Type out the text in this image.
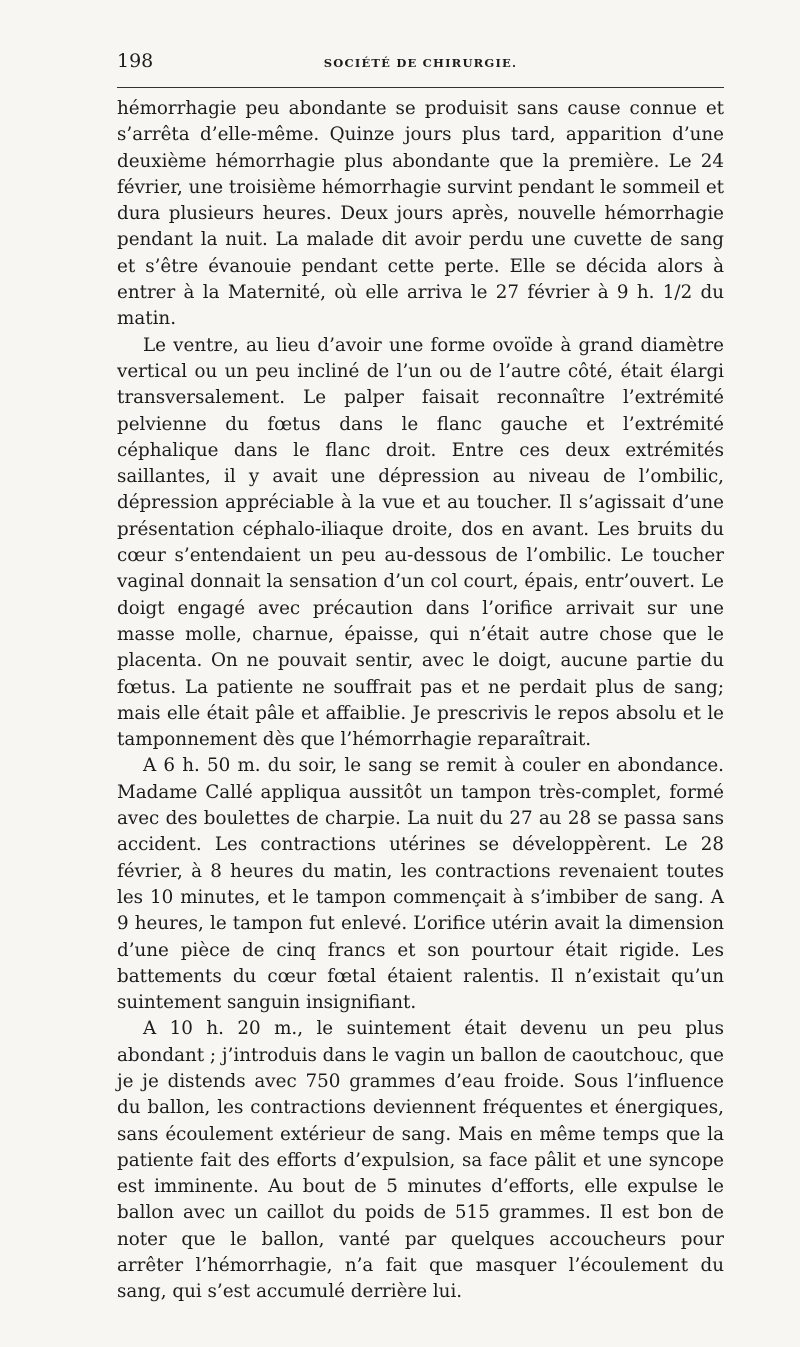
198	SOCIÉTÉ DE CHIRURGIE.

hémorrhagie peu abondante se produisit sans cause connue et s’arrêta d’elle-même. Quinze jours plus tard, apparition d’une deuxième hémorrhagie plus abondante que la première. Le 24 février, une troisième hémorrhagie survint pendant le sommeil et dura plusieurs heures. Deux jours après, nouvelle hémorrhagie pendant la nuit. La malade dit avoir perdu une cuvette de sang et s’être évanouie pendant cette perte. Elle se décida alors à entrer à la Maternité, où elle arriva le 27 février à 9 h. 1/2 du matin.

Le ventre, au lieu d’avoir une forme ovoïde à grand diamètre vertical ou un peu incliné de l’un ou de l’autre côté, était élargi transversalement. Le palper faisait reconnaître l’extrémité pelvienne du fœtus dans le flanc gauche et l’extrémité céphalique dans le flanc droit. Entre ces deux extrémités saillantes, il y avait une dépression au niveau de l’ombilic, dépression appréciable à la vue et au toucher. Il s’agissait d’une présentation céphalo-iliaque droite, dos en avant. Les bruits du cœur s’entendaient un peu au-dessous de l’ombilic. Le toucher vaginal donnait la sensation d’un col court, épais, entr’ouvert. Le doigt engagé avec précaution dans l’orifice arrivait sur une masse molle, charnue, épaisse, qui n’était autre chose que le placenta. On ne pouvait sentir, avec le doigt, aucune partie du fœtus. La patiente ne souffrait pas et ne perdait plus de sang; mais elle était pâle et affaiblie. Je prescrivis le repos absolu et le tamponnement dès que l’hémorrhagie reparaîtrait.

A 6 h. 50 m. du soir, le sang se remit à couler en abondance. Madame Callé appliqua aussitôt un tampon très-complet, formé avec des boulettes de charpie. La nuit du 27 au 28 se passa sans accident. Les contractions utérines se développèrent. Le 28 février, à 8 heures du matin, les contractions revenaient toutes les 10 minutes, et le tampon commençait à s’imbiber de sang. A 9 heures, le tampon fut enlevé. L’orifice utérin avait la dimension d’une pièce de cinq francs et son pourtour était rigide. Les battements du cœur fœtal étaient ralentis. Il n’existait qu’un suintement sanguin insignifiant.

A 10 h. 20 m., le suintement était devenu un peu plus abondant ; j’introduis dans le vagin un ballon de caoutchouc, que je je distends avec 750 grammes d’eau froide. Sous l’influence du ballon, les contractions deviennent fréquentes et énergiques, sans écoulement extérieur de sang. Mais en même temps que la patiente fait des efforts d’expulsion, sa face pâlit et une syncope est imminente. Au bout de 5 minutes d’efforts, elle expulse le ballon avec un caillot du poids de 515 grammes. Il est bon de noter que le ballon, vanté par quelques accoucheurs pour arrêter l’hémorrhagie, n’a fait que masquer l’écoulement du sang, qui s’est accumulé derrière lui.
